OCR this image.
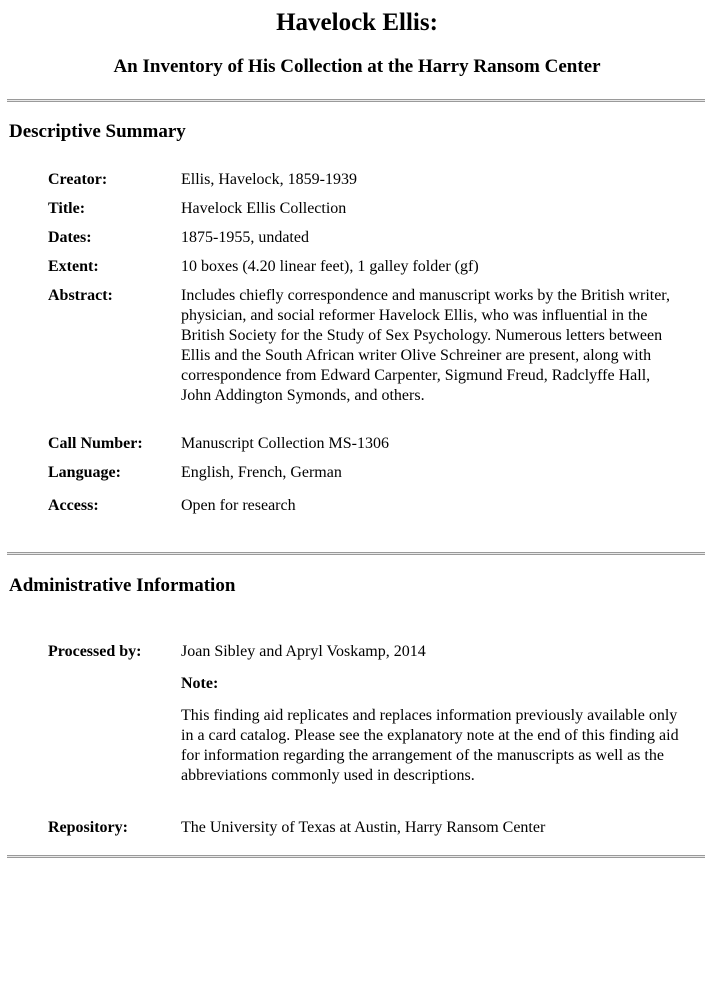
Havelock Ellis:
An Inventory of His Collection at the Harry Ransom Center
Descriptive Summary
Creator:	Ellis, Havelock, 1859-1939
Title:	Havelock Ellis Collection
Dates:	1875-1955, undated
Extent:	10 boxes (4.20 linear feet), 1 galley folder (gf)
Abstract:	Includes chiefly correspondence and manuscript works by the British writer, physician, and social reformer Havelock Ellis, who was influential in the British Society for the Study of Sex Psychology. Numerous letters between Ellis and the South African writer Olive Schreiner are present, along with correspondence from Edward Carpenter, Sigmund Freud, Radclyffe Hall, John Addington Symonds, and others.
Call Number: Manuscript Collection MS-1306
Language:	English, French, German
Access:	Open for research
Administrative Information
Processed by: Joan Sibley and Apryl Voskamp, 2014
Note:
This finding aid replicates and replaces information previously available only in a card catalog. Please see the explanatory note at the end of this finding aid for information regarding the arrangement of the manuscripts as well as the abbreviations commonly used in descriptions.
Repository:	The University of Texas at Austin, Harry Ransom Center
